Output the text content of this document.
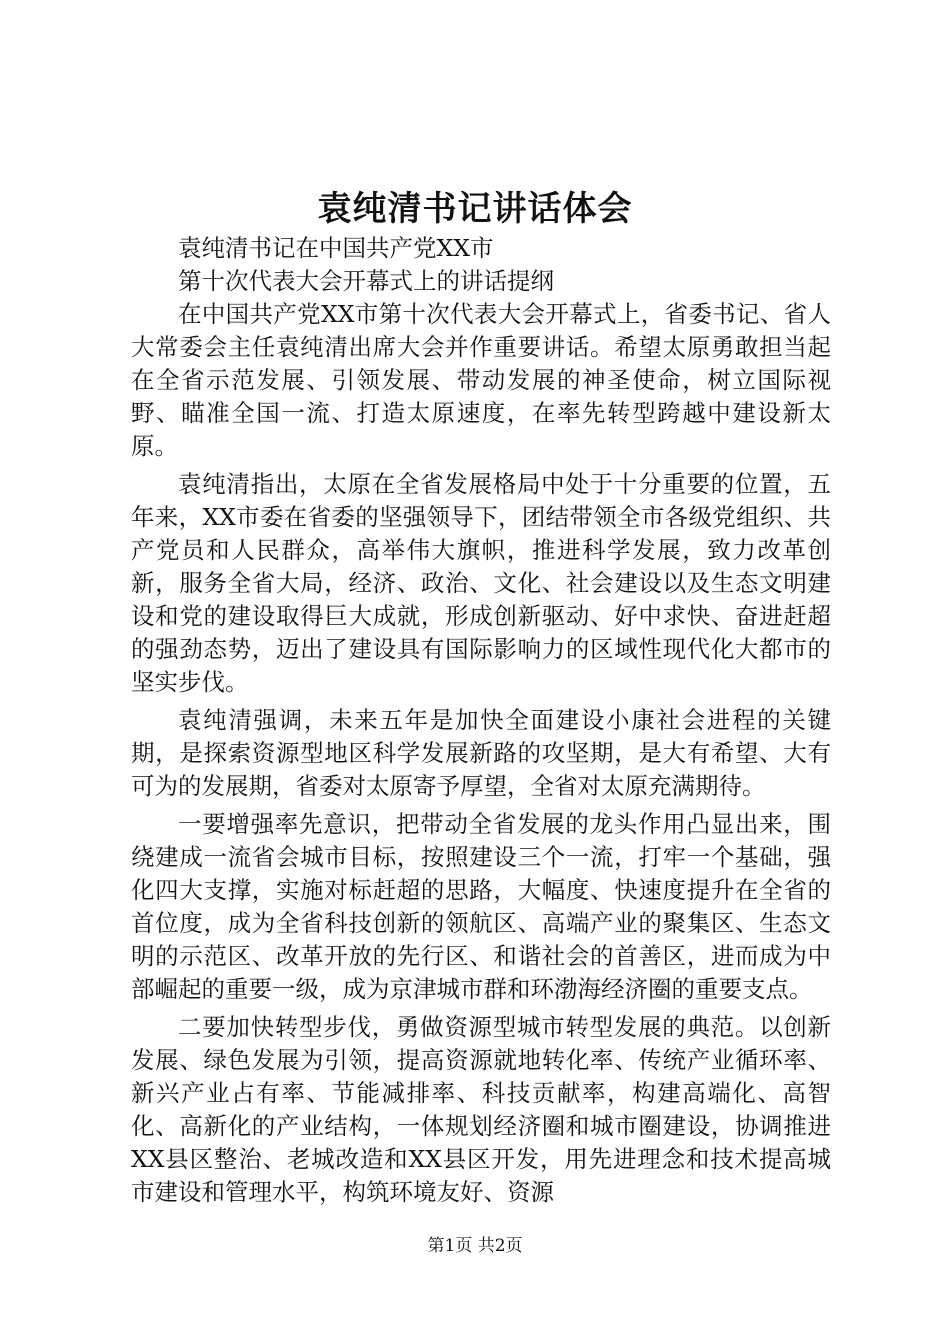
袁纯清书记讲话体会

袁纯清书记在中国共产党XX市

第十次代表大会开幕式上的讲话提纲

在中国共产党XX市第十次代表大会开幕式上，省委书记、省人大常委会主任袁纯清出席大会并作重要讲话。希望太原勇敢担当起在全省示范发展、引领发展、带动发展的神圣使命，树立国际视野、瞄准全国一流、打造太原速度，在率先转型跨越中建设新太原。

袁纯清指出，太原在全省发展格局中处于十分重要的位置，五年来，XX市委在省委的坚强领导下，团结带领全市各级党组织、共产党员和人民群众，高举伟大旗帜，推进科学发展，致力改革创新，服务全省大局，经济、政治、文化、社会建设以及生态文明建设和党的建设取得巨大成就，形成创新驱动、好中求快、奋进赶超的强劲态势，迈出了建设具有国际影响力的区域性现代化大都市的坚实步伐。

袁纯清强调，未来五年是加快全面建设小康社会进程的关键期，是探索资源型地区科学发展新路的攻坚期，是大有希望、大有可为的发展期，省委对太原寄予厚望，全省对太原充满期待。

一要增强率先意识，把带动全省发展的龙头作用凸显出来，围绕建成一流省会城市目标，按照建设三个一流，打牢一个基础，强化四大支撑，实施对标赶超的思路，大幅度、快速度提升在全省的首位度，成为全省科技创新的领航区、高端产业的聚集区、生态文明的示范区、改革开放的先行区、和谐社会的首善区，进而成为中部崛起的重要一级，成为京津城市群和环渤海经济圈的重要支点。

二要加快转型步伐，勇做资源型城市转型发展的典范。以创新发展、绿色发展为引领，提高资源就地转化率、传统产业循环率、新兴产业占有率、节能减排率、科技贡献率，构建高端化、高智化、高新化的产业结构，一体规划经济圈和城市圈建设，协调推进XX县区整治、老城改造和XX县区开发，用先进理念和技术提高城市建设和管理水平，构筑环境友好、资源

第1页 共2页
